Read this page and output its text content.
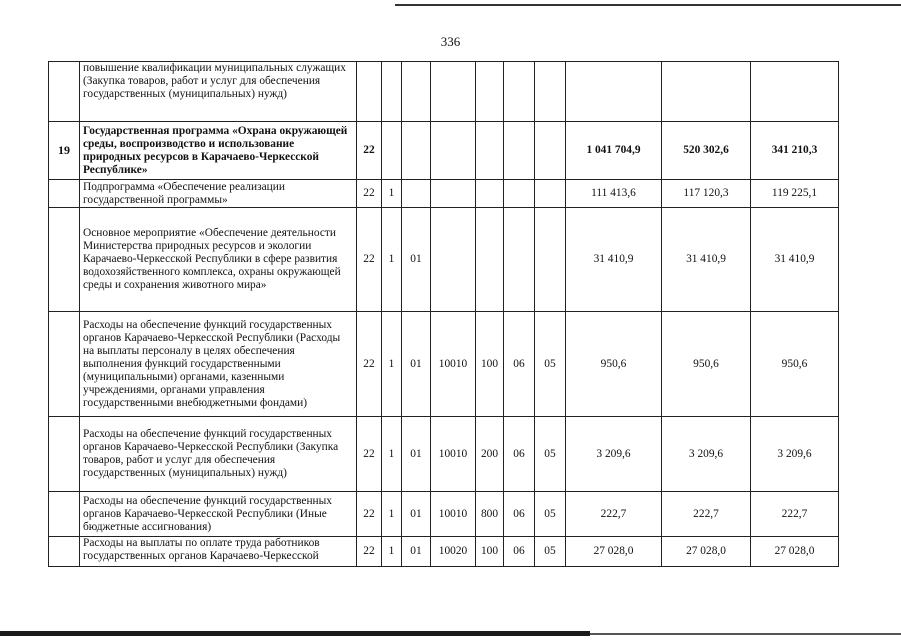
336
	повышение квалификации муниципальных служащих (Закупка товаров, работ и услуг для обеспечения государственных (муниципальных) нужд)										
19	Государственная программа «Охрана окружающей среды, воспроизводство и использование природных ресурсов в Карачаево-Черкесской Республике»	22							1 041 704,9	520 302,6	341 210,3
	Подпрограмма «Обеспечение реализации государственной программы»	22	1						111 413,6	117 120,3	119 225,1
	Основное мероприятие «Обеспечение деятельности Министерства природных ресурсов и экологии Карачаево-Черкесской Республики в сфере развития водохозяйственного комплекса, охраны окружающей среды и сохранения животного мира»	22	1	01					31 410,9	31 410,9	31 410,9
	Расходы на обеспечение функций государственных органов Карачаево-Черкесской Республики (Расходы на выплаты персоналу в целях обеспечения выполнения функций государственными (муниципальными) органами, казенными учреждениями, органами управления государственными внебюджетными фондами)	22	1	01	10010	100	06	05	950,6	950,6	950,6
	Расходы на обеспечение функций государственных органов Карачаево-Черкесской Республики (Закупка товаров, работ и услуг для обеспечения государственных (муниципальных) нужд)	22	1	01	10010	200	06	05	3 209,6	3 209,6	3 209,6
	Расходы на обеспечение функций государственных органов Карачаево-Черкесской Республики (Иные бюджетные ассигнования)	22	1	01	10010	800	06	05	222,7	222,7	222,7
	Расходы на выплаты по оплате труда работников государственных органов Карачаево-Черкесской	22	1	01	10020	100	06	05	27 028,0	27 028,0	27 028,0
